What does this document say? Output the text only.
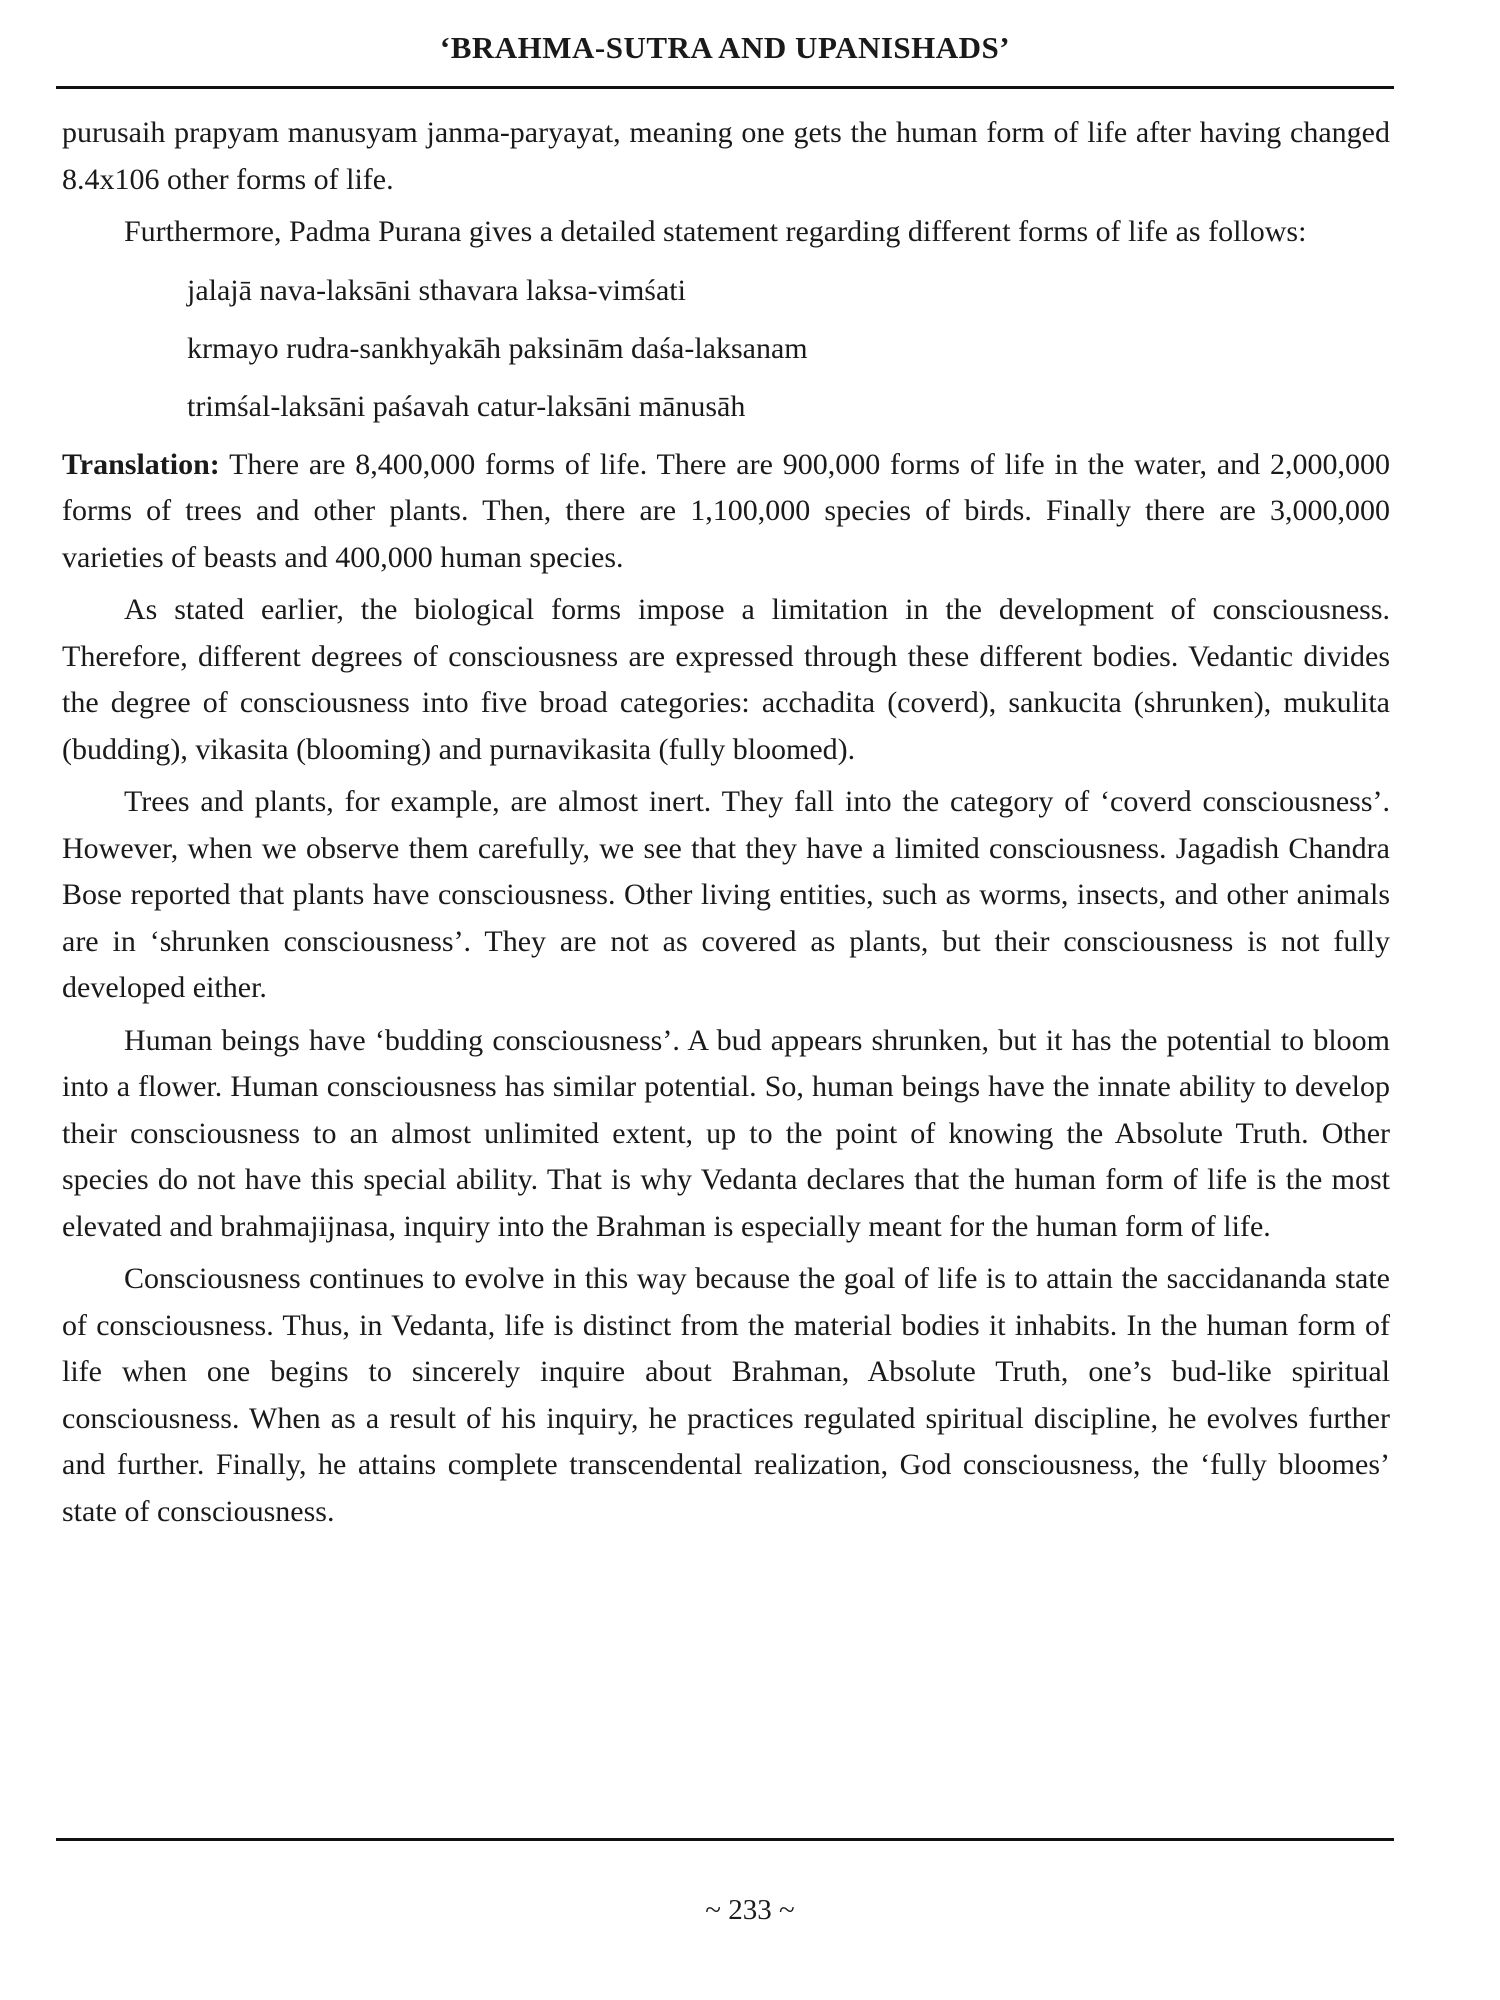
‘BRAHMA-SUTRA AND UPANISHADS’

purusaih prapyam manusyam janma-paryayat, meaning one gets the human form of life after having changed 8.4x106 other forms of life.

Furthermore, Padma Purana gives a detailed statement regarding different forms of life as follows:

jalajā nava-laksāni sthavara laksa-vimśati
krmayo rudra-sankhyakāh paksinām daśa-laksanam
trimśal-laksāni paśavah catur-laksāni mānusāh

Translation: There are 8,400,000 forms of life. There are 900,000 forms of life in the water, and 2,000,000 forms of trees and other plants. Then, there are 1,100,000 species of birds. Finally there are 3,000,000 varieties of beasts and 400,000 human species.

As stated earlier, the biological forms impose a limitation in the development of consciousness. Therefore, different degrees of consciousness are expressed through these different bodies. Vedantic divides the degree of consciousness into five broad categories: acchadita (coverd), sankucita (shrunken), mukulita (budding), vikasita (blooming) and purnavikasita (fully bloomed).

Trees and plants, for example, are almost inert. They fall into the category of ‘coverd consciousness’. However, when we observe them carefully, we see that they have a limited consciousness. Jagadish Chandra Bose reported that plants have consciousness. Other living entities, such as worms, insects, and other animals are in ‘shrunken consciousness’. They are not as covered as plants, but their consciousness is not fully developed either.

Human beings have ‘budding consciousness’. A bud appears shrunken, but it has the potential to bloom into a flower. Human consciousness has similar potential. So, human beings have the innate ability to develop their consciousness to an almost unlimited extent, up to the point of knowing the Absolute Truth. Other species do not have this special ability. That is why Vedanta declares that the human form of life is the most elevated and brahmajijnasa, inquiry into the Brahman is especially meant for the human form of life.

Consciousness continues to evolve in this way because the goal of life is to attain the saccidananda state of consciousness. Thus, in Vedanta, life is distinct from the material bodies it inhabits. In the human form of life when one begins to sincerely inquire about Brahman, Absolute Truth, one’s bud-like spiritual consciousness. When as a result of his inquiry, he practices regulated spiritual discipline, he evolves further and further. Finally, he attains complete transcendental realization, God consciousness, the ‘fully bloomes’ state of consciousness.

~ 233 ~
